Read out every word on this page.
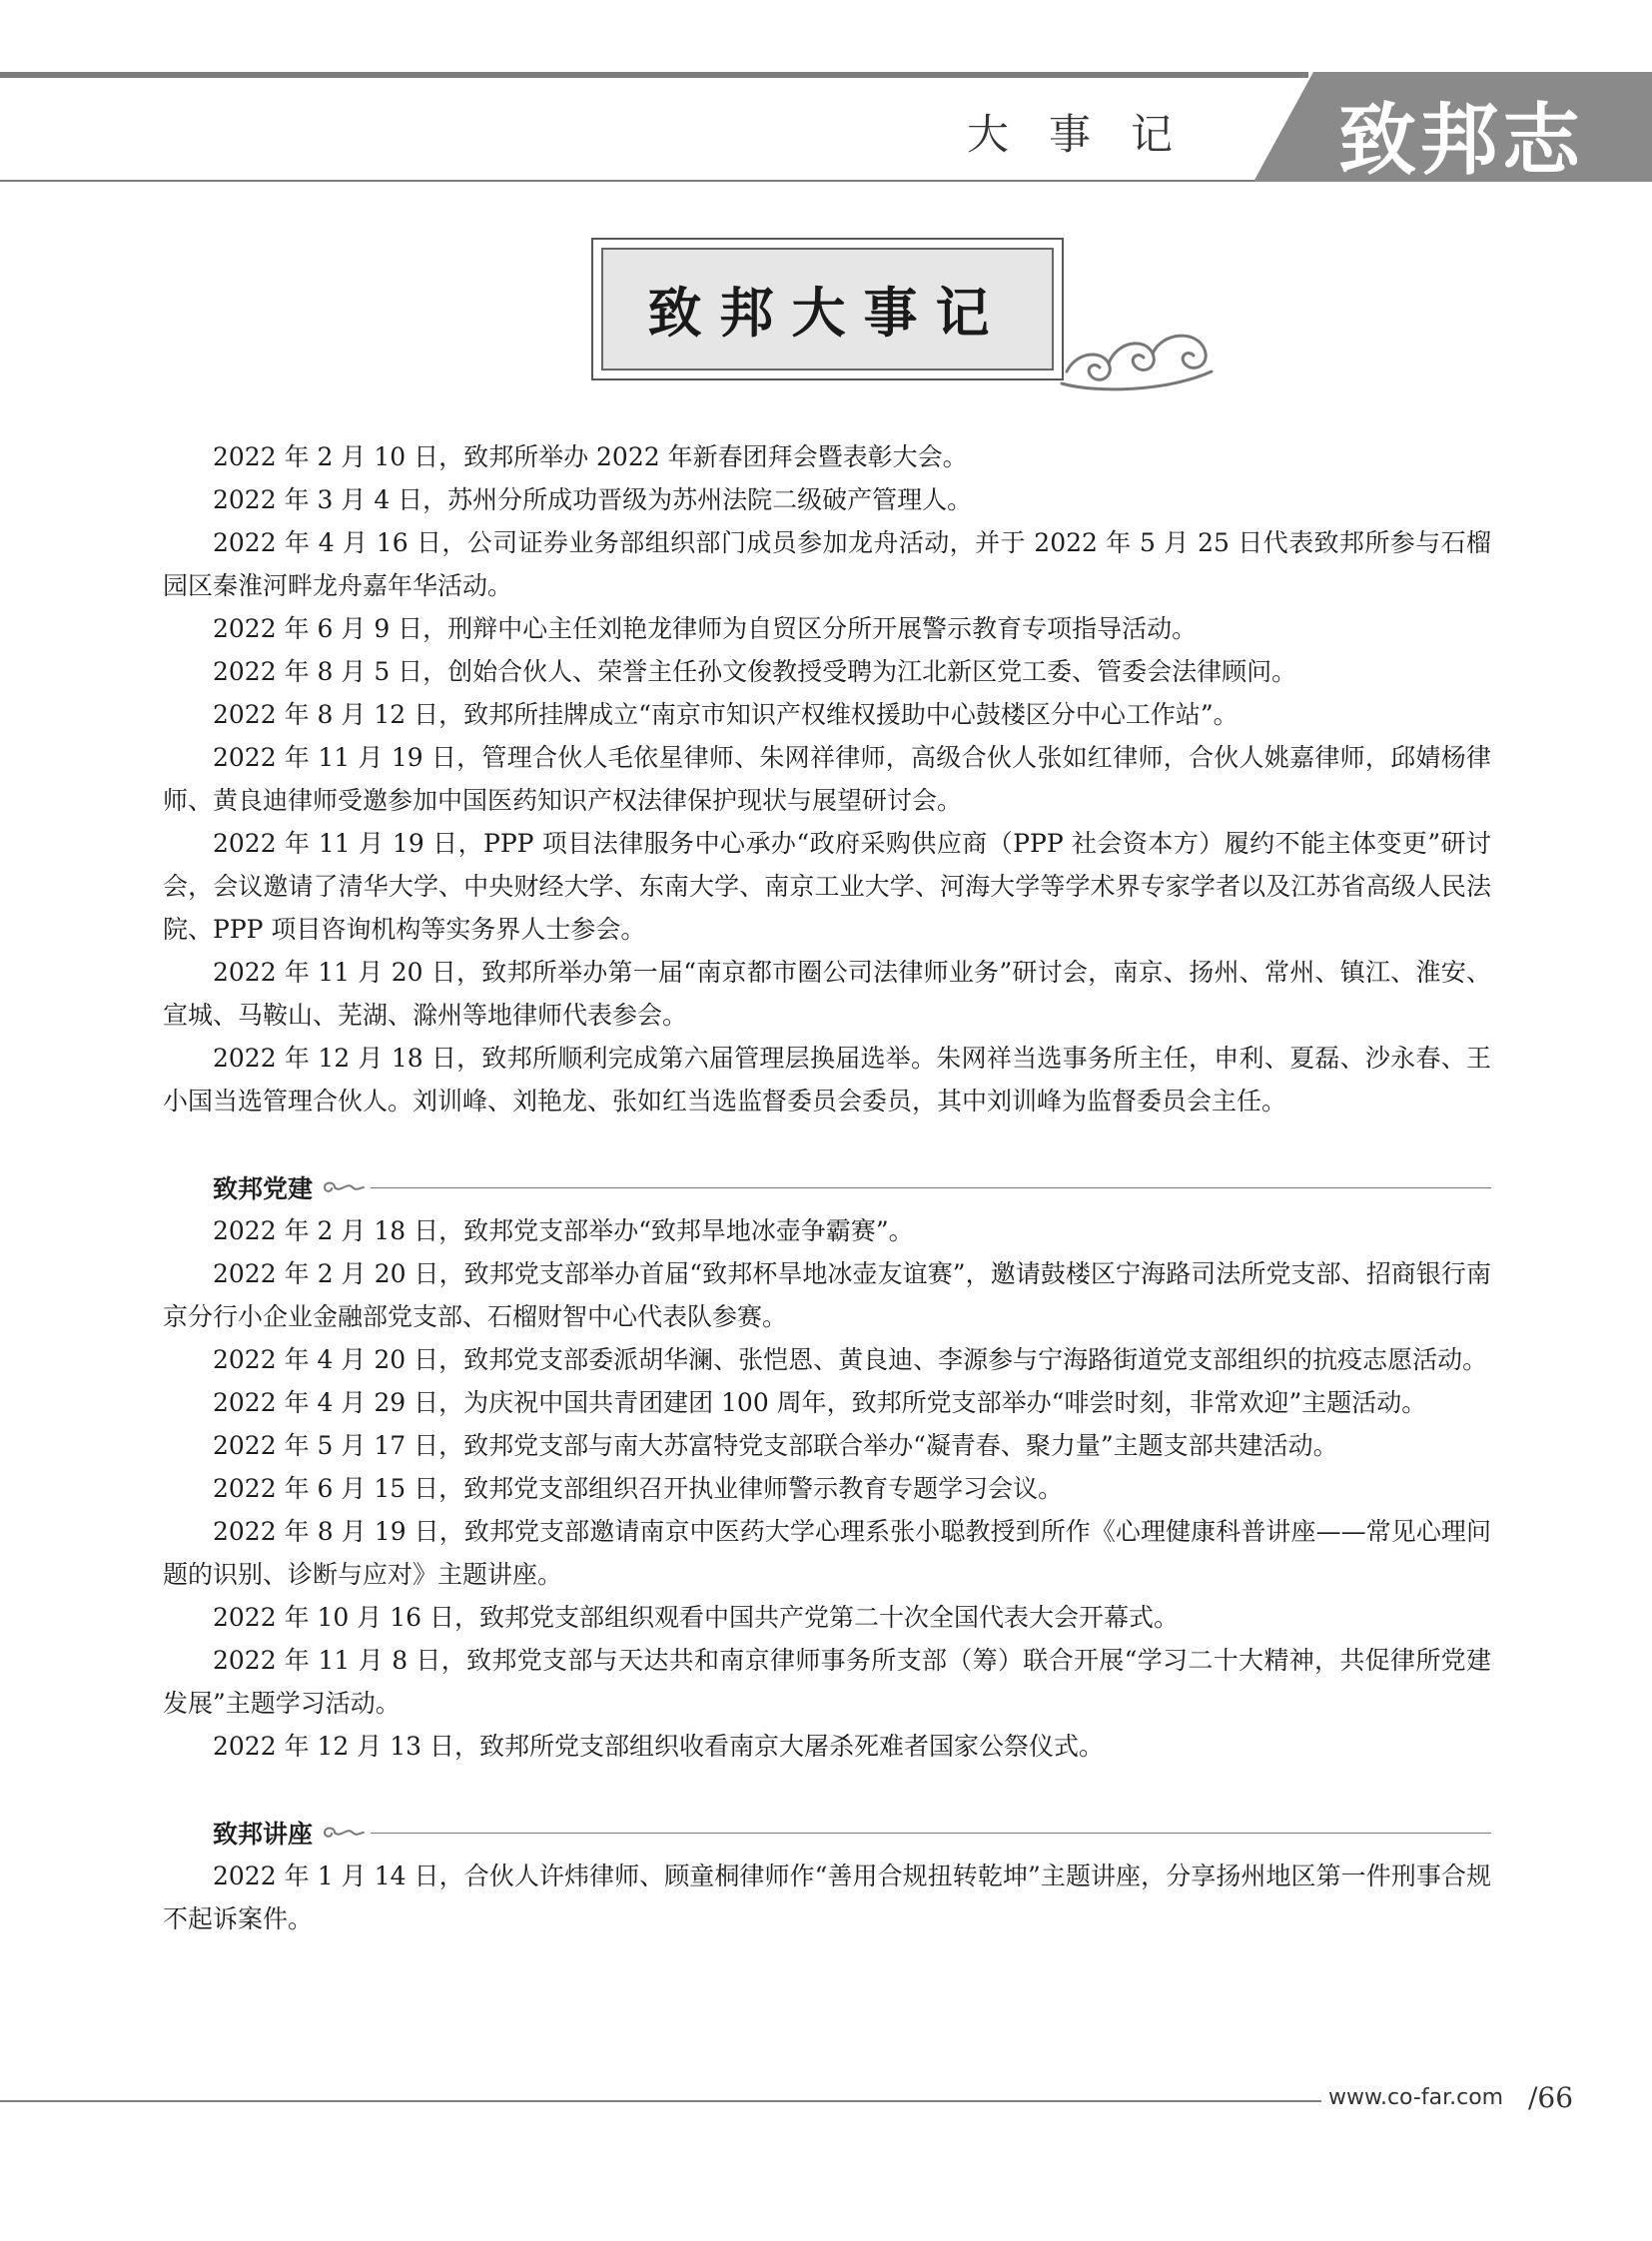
大事记 致邦志
致邦大事记

2022 年 2 月 10 日，致邦所举办 2022 年新春团拜会暨表彰大会。

2022 年 3 月 4 日，苏州分所成功晋级为苏州法院二级破产管理人。

2022 年 4 月 16 日，公司证券业务部组织部门成员参加龙舟活动，并于 2022 年 5 月 25 日代表致邦所参与石榴园区秦淮河畔龙舟嘉年华活动。

2022 年 6 月 9 日，刑辩中心主任刘艳龙律师为自贸区分所开展警示教育专项指导活动。

2022 年 8 月 5 日，创始合伙人、荣誉主任孙文俊教授受聘为江北新区党工委、管委会法律顾问。

2022 年 8 月 12 日，致邦所挂牌成立“南京市知识产权维权援助中心鼓楼区分中心工作站”。

2022 年 11 月 19 日，管理合伙人毛依星律师、朱网祥律师，高级合伙人张如红律师，合伙人姚嘉律师，邱婧杨律师、黄良迪律师受邀参加中国医药知识产权法律保护现状与展望研讨会。

2022 年 11 月 19 日，PPP 项目法律服务中心承办“政府采购供应商（PPP 社会资本方）履约不能主体变更”研讨会，会议邀请了清华大学、中央财经大学、东南大学、南京工业大学、河海大学等学术界专家学者以及江苏省高级人民法院、PPP 项目咨询机构等实务界人士参会。

2022 年 11 月 20 日，致邦所举办第一届“南京都市圈公司法律师业务”研讨会，南京、扬州、常州、镇江、淮安、宣城、马鞍山、芜湖、滁州等地律师代表参会。

2022 年 12 月 18 日，致邦所顺利完成第六届管理层换届选举。朱网祥当选事务所主任，申利、夏磊、沙永春、王小国当选管理合伙人。刘训峰、刘艳龙、张如红当选监督委员会委员，其中刘训峰为监督委员会主任。

致邦党建

2022 年 2 月 18 日，致邦党支部举办“致邦旱地冰壶争霸赛”。

2022 年 2 月 20 日，致邦党支部举办首届“致邦杯旱地冰壶友谊赛”，邀请鼓楼区宁海路司法所党支部、招商银行南京分行小企业金融部党支部、石榴财智中心代表队参赛。

2022 年 4 月 20 日，致邦党支部委派胡华澜、张恺恩、黄良迪、李源参与宁海路街道党支部组织的抗疫志愿活动。

2022 年 4 月 29 日，为庆祝中国共青团建团 100 周年，致邦所党支部举办“啡尝时刻，非常欢迎”主题活动。

2022 年 5 月 17 日，致邦党支部与南大苏富特党支部联合举办“凝青春、聚力量”主题支部共建活动。

2022 年 6 月 15 日，致邦党支部组织召开执业律师警示教育专题学习会议。

2022 年 8 月 19 日，致邦党支部邀请南京中医药大学心理系张小聪教授到所作《心理健康科普讲座——常见心理问题的识别、诊断与应对》主题讲座。

2022 年 10 月 16 日，致邦党支部组织观看中国共产党第二十次全国代表大会开幕式。

2022 年 11 月 8 日，致邦党支部与天达共和南京律师事务所支部（筹）联合开展“学习二十大精神，共促律所党建发展”主题学习活动。

2022 年 12 月 13 日，致邦所党支部组织收看南京大屠杀死难者国家公祭仪式。

致邦讲座

2022 年 1 月 14 日，合伙人许炜律师、顾童桐律师作“善用合规扭转乾坤”主题讲座，分享扬州地区第一件刑事合规不起诉案件。

www.co-far.com /66
